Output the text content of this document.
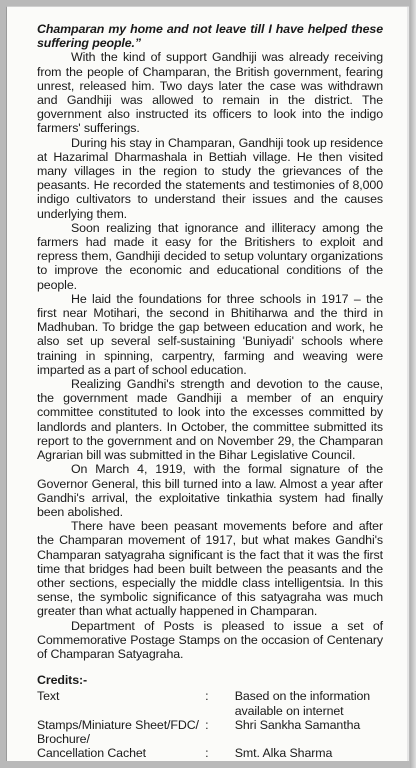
Champaran my home and not leave till I have helped these suffering people.”

With the kind of support Gandhiji was already receiving from the people of Champaran, the British government, fearing unrest, released him. Two days later the case was withdrawn and Gandhiji was allowed to remain in the district. The government also instructed its officers to look into the indigo farmers' sufferings.

During his stay in Champaran, Gandhiji took up residence at Hazarimal Dharmashala in Bettiah village. He then visited many villages in the region to study the grievances of the peasants. He recorded the statements and testimonies of 8,000 indigo cultivators to understand their issues and the causes underlying them.

Soon realizing that ignorance and illiteracy among the farmers had made it easy for the Britishers to exploit and repress them, Gandhiji decided to setup voluntary organizations to improve the economic and educational conditions of the people.

He laid the foundations for three schools in 1917 – the first near Motihari, the second in Bhitiharwa and the third in Madhuban. To bridge the gap between education and work, he also set up several self-sustaining 'Buniyadi' schools where training in spinning, carpentry, farming and weaving were imparted as a part of school education.

Realizing Gandhi's strength and devotion to the cause, the government made Gandhiji a member of an enquiry committee constituted to look into the excesses committed by landlords and planters. In October, the committee submitted its report to the government and on November 29, the Champaran Agrarian bill was submitted in the Bihar Legislative Council.

On March 4, 1919, with the formal signature of the Governor General, this bill turned into a law. Almost a year after Gandhi's arrival, the exploitative tinkathia system had finally been abolished.

There have been peasant movements before and after the Champaran movement of 1917, but what makes Gandhi's Champaran satyagraha significant is the fact that it was the first time that bridges had been built between the peasants and the other sections, especially the middle class intelligentsia. In this sense, the symbolic significance of this satyagraha was much greater than what actually happened in Champaran.

Department of Posts is pleased to issue a set of Commemorative Postage Stamps on the occasion of Centenary of Champaran Satyagraha.

Credits:-
Text	:	Based on the information available on internet
Stamps/Miniature Sheet/FDC/ Brochure/
:	Shri Sankha Samantha
Cancellation Cachet	:	Smt. Alka Sharma
